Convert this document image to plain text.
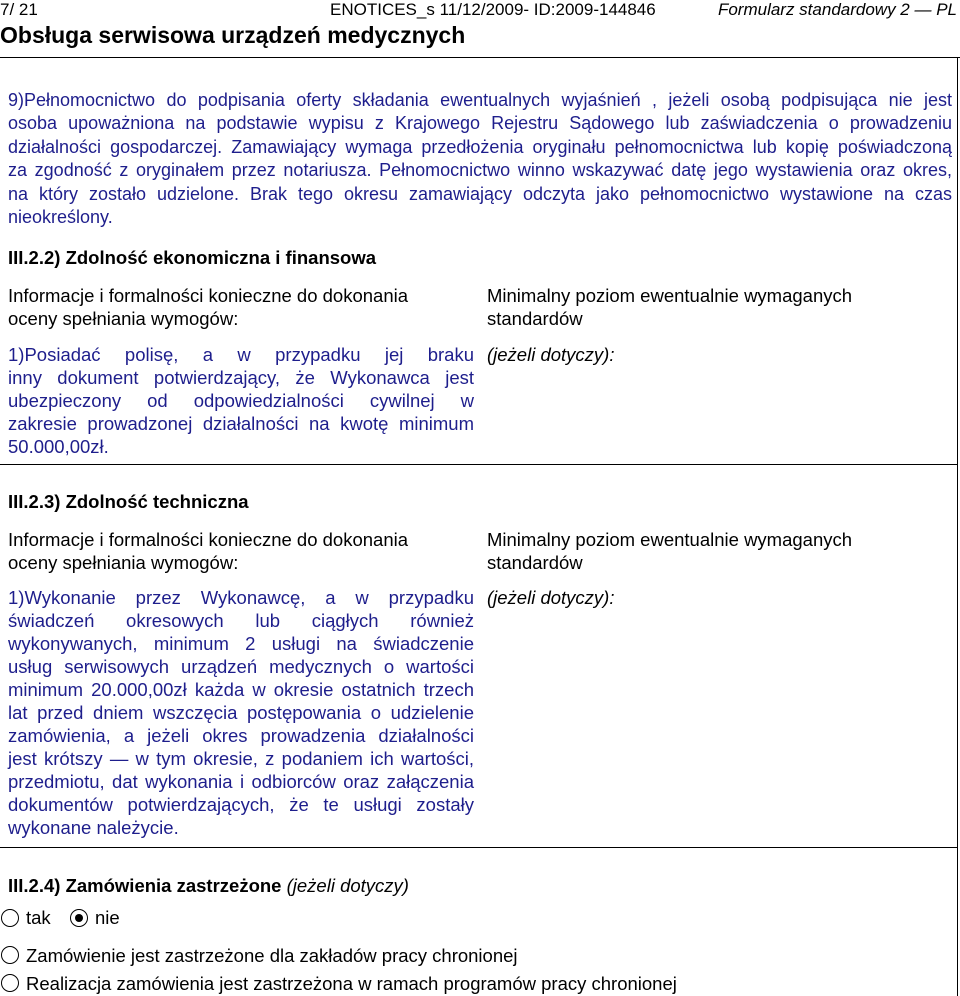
7/ 21	ENOTICES_s 11/12/2009- ID:2009-144846	Formularz standardowy 2 — PL
Obsługa serwisowa urządzeń medycznych
9)Pełnomocnictwo do podpisania oferty składania ewentualnych wyjaśnień , jeżeli osobą podpisująca nie jest
osoba upoważniona na podstawie wypisu z Krajowego Rejestru Sądowego lub zaświadczenia o prowadzeniu
działalności gospodarczej. Zamawiający wymaga przedłożenia oryginału pełnomocnictwa lub kopię poświadczoną
za zgodność z oryginałem przez notariusza. Pełnomocnictwo winno wskazywać datę jego wystawienia oraz okres,
na który zostało udzielone. Brak tego okresu zamawiający odczyta jako pełnomocnictwo wystawione na czas
nieokreślony.
III.2.2) Zdolność ekonomiczna i finansowa
Informacje i formalności konieczne do dokonania
oceny spełniania wymogów:
1)Posiadać polisę, a w przypadku jej braku
inny dokument potwierdzający, że Wykonawca jest
ubezpieczony od odpowiedzialności cywilnej w
zakresie prowadzonej działalności na kwotę minimum
50.000,00zł.
Minimalny poziom ewentualnie wymaganych
standardów
(jeżeli dotyczy):
III.2.3) Zdolność techniczna
Informacje i formalności konieczne do dokonania
oceny spełniania wymogów:
1)Wykonanie przez Wykonawcę, a w przypadku
świadczeń okresowych lub ciągłych również
wykonywanych, minimum 2 usługi na świadczenie
usług serwisowych urządzeń medycznych o wartości
minimum 20.000,00zł każda w okresie ostatnich trzech
lat przed dniem wszczęcia postępowania o udzielenie
zamówienia, a jeżeli okres prowadzenia działalności
jest krótszy — w tym okresie, z podaniem ich wartości,
przedmiotu, dat wykonania i odbiorców oraz załączenia
dokumentów potwierdzających, że te usługi zostały
wykonane należycie.
Minimalny poziom ewentualnie wymaganych
standardów
(jeżeli dotyczy):
III.2.4) Zamówienia zastrzeżone (jeżeli dotyczy)
tak nie
Zamówienie jest zastrzeżone dla zakładów pracy chronionej
Realizacja zamówienia jest zastrzeżona w ramach programów pracy chronionej
